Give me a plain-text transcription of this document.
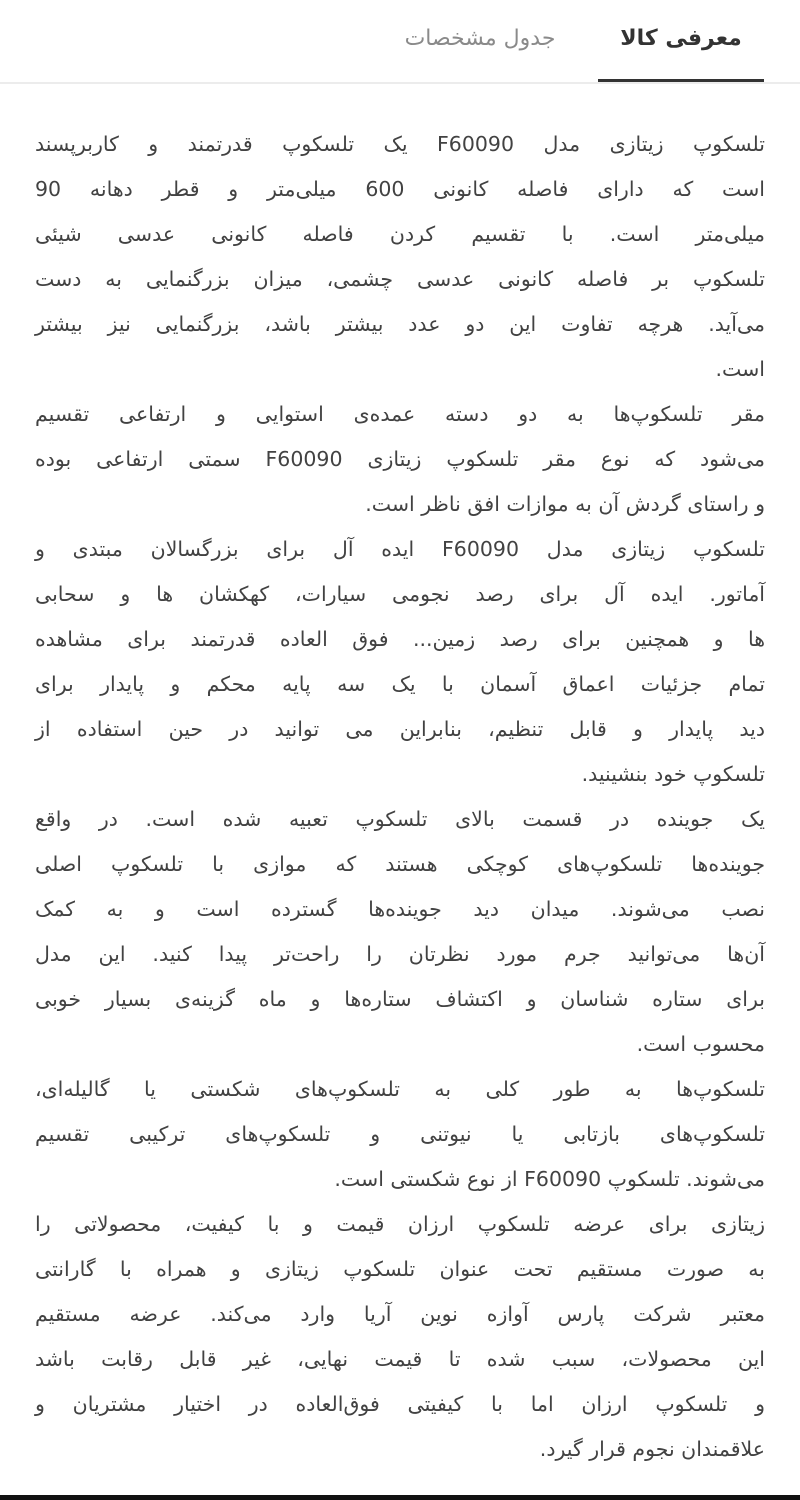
معرفی کالا
جدول مشخصات
تلسکوپ زیتازی مدل F60090 یک تلسکوپ قدرتمند و کاربرپسند
است که دارای فاصله کانونی 600 میلی‌متر و قطر دهانه 90
میلی‌متر است. با تقسیم کردن فاصله کانونی عدسی شیئی
تلسکوپ بر فاصله کانونی عدسی چشمی، میزان بزرگنمایی به دست
می‌آید. هرچه تفاوت این دو عدد بیشتر باشد، بزرگنمایی نیز بیشتر
است.
مقر تلسکوپ‌ها به دو دسته عمده‌ی استوایی و ارتفاعی تقسیم
می‌شود که نوع مقر تلسکوپ زیتازی F60090 سمتی ارتفاعی بوده
و راستای گردش آن به موازات افق ناظر است.
تلسکوپ زیتازی مدل F60090 ایده آل برای بزرگسالان مبتدی و
آماتور. ایده آل برای رصد نجومی سیارات، کهکشان ها و سحابی
ها و همچنین برای رصد زمین... فوق العاده قدرتمند برای مشاهده
تمام جزئیات اعماق آسمان با یک سه پایه محکم و پایدار برای
دید پایدار و قابل تنظیم، بنابراین می توانید در حین استفاده از
تلسکوپ خود بنشینید.
یک جوینده در قسمت بالای تلسکوپ تعبیه شده است. در واقع
جوینده‌ها تلسکوپ‌های کوچکی هستند که موازی با تلسکوپ اصلی
نصب می‌شوند. میدان دید جوینده‌ها گسترده است و به کمک
آن‌ها می‌توانید جرم مورد نظرتان را راحت‌تر پیدا کنید. این مدل
برای ستاره شناسان و اکتشاف ستاره‌ها و ماه گزینه‌ی بسیار خوبی
محسوب است.
تلسکوپ‌ها به طور کلی به تلسکوپ‌های شکستی یا گالیله‌ای،
تلسکوپ‌های بازتابی یا نیوتنی و تلسکوپ‌های ترکیبی تقسیم
می‌شوند. تلسکوپ F60090 از نوع شکستی است.
زیتازی برای عرضه تلسکوپ ارزان قیمت و با کیفیت، محصولاتی را
به صورت مستقیم تحت عنوان تلسکوپ زیتازی و همراه با گارانتی
معتبر شرکت پارس آوازه نوین آریا وارد می‌کند. عرضه مستقیم
این محصولات، سبب شده تا قیمت نهایی، غیر قابل رقابت باشد
و تلسکوپ ارزان اما با کیفیتی فوق‌العاده در اختیار مشتریان و
علاقمندان نجوم قرار گیرد.
